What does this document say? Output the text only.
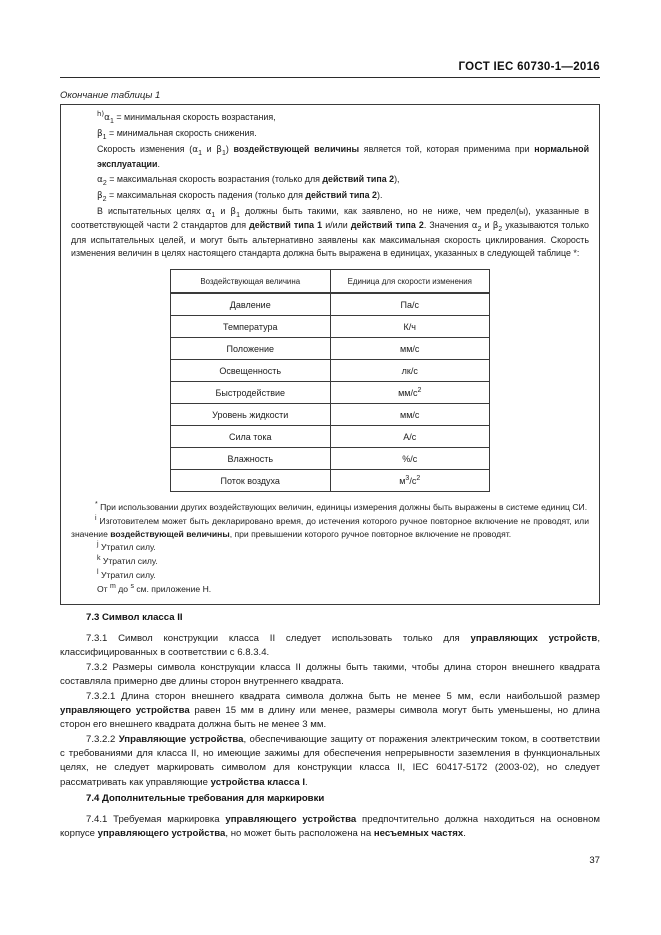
ГОСТ IEC 60730-1—2016
Окончание таблицы 1

$^{h)}\alpha_1$ = минимальная скорость возрастания,

$\beta_1$ = минимальная скорость снижения.

Скорость изменения ($\alpha_1$ и $\beta_1$) воздействующей величины является той, которая применима при нормальной эксплуатации.

$\alpha_2$ = максимальная скорость возрастания (только для действий типа 2),

$\beta_2$ = максимальная скорость падения (только для действий типа 2).

В испытательных целях $\alpha_1$ и $\beta_1$ должны быть такими, как заявлено, но не ниже, чем предел(ы), указанные в соответствующей части 2 стандартов для действий типа 1 и/или действий типа 2. Значения $\alpha_2$ и $\beta_2$ указываются только для испытательных целей, и могут быть альтернативно заявлены как максимальная скорость циклирования. Скорость изменения величин в целях настоящего стандарта должна быть выражена в единицах, указанных в следующей таблице *:

Воздействующая величина	Единица для скорости изменения
Давление	Па/с
Температура	К/ч
Положение	мм/с
Освещенность	лк/с
Быстродействие	$мм/с^2$
Уровень жидкости	мм/с
Сила тока	А/с
Влажность	%/с
Поток воздуха	$м^3/с^2$

* При использовании других воздействующих величин, единицы измерения должны быть выражены в системе единиц СИ.

$^i$ Изготовителем может быть декларировано время, до истечения которого ручное повторное включение не проводят, или значение воздействующей величины, при превышении которого ручное повторное включение не проводят.

$^j$ Утратил силу.

$^k$ Утратил силу.

$^l$ Утратил силу.

От $^m$ до $^s$ см. приложение H.

7.3 Символ класса II

7.3.1 Символ конструкции класса II следует использовать только для управляющих устройств, классифицированных в соответствии с 6.8.3.4.

7.3.2 Размеры символа конструкции класса II должны быть такими, чтобы длина сторон внешнего квадрата составляла примерно две длины сторон внутреннего квадрата.

7.3.2.1 Длина сторон внешнего квадрата символа должна быть не менее 5 мм, если наибольшой размер управляющего устройства равен 15 мм в длину или менее, размеры символа могут быть уменьшены, но длина сторон его внешнего квадрата должна быть не менее 3 мм.

7.3.2.2 Управляющие устройства, обеспечивающие защиту от поражения электрическим током, в соответствии с требованиями для класса II, но имеющие зажимы для обеспечения непрерывности заземления в функциональных целях, не следует маркировать символом для конструкции класса II, IEC 60417-5172 (2003-02), но следует рассматривать как управляющие устройства класса I.

7.4 Дополнительные требования для маркировки

7.4.1 Требуемая маркировка управляющего устройства предпочтительно должна находиться на основном корпусе управляющего устройства, но может быть расположена на несъемных частях.

37
